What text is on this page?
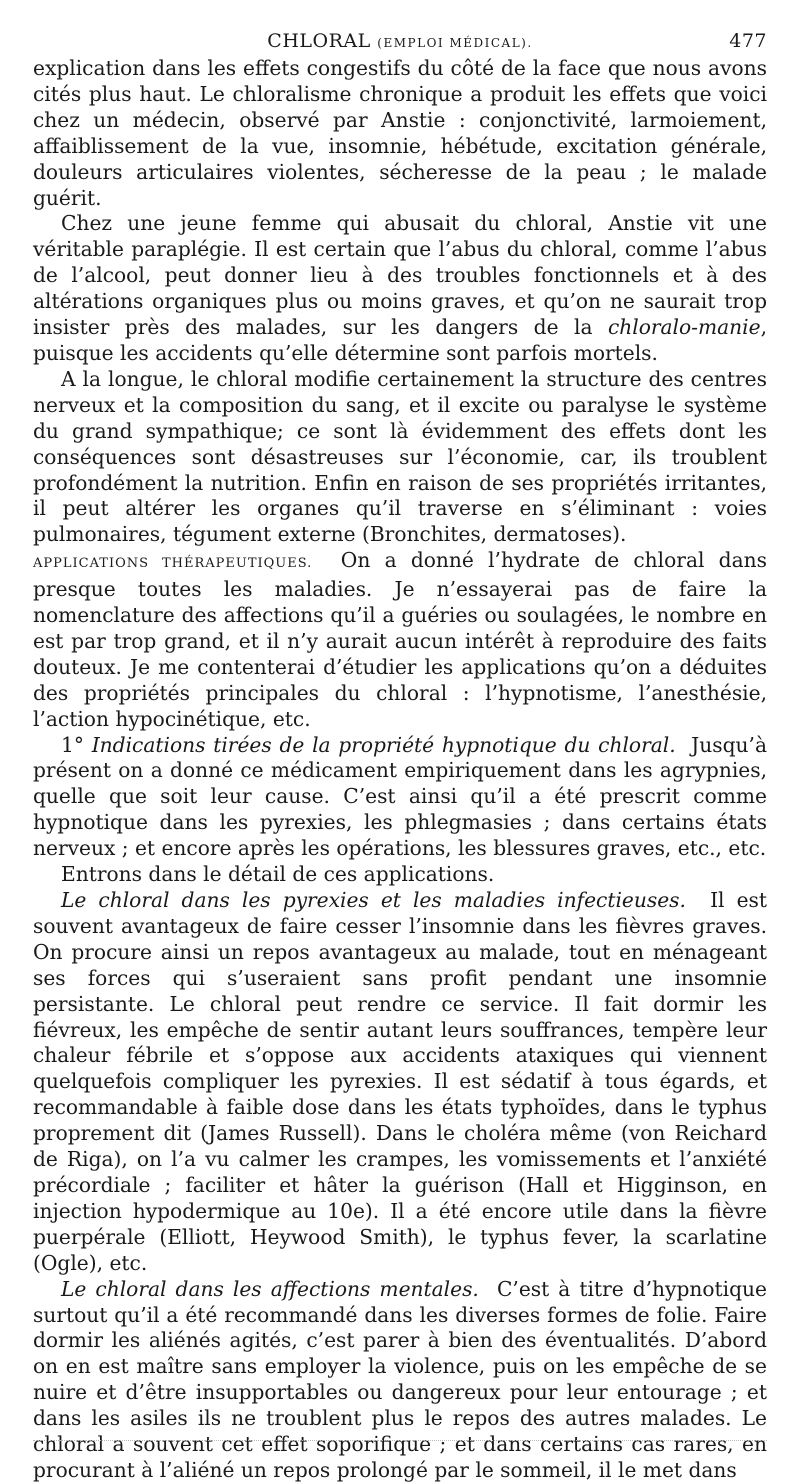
CHLORAL (EMPLOI MÉDICAL).	477

explication dans les effets congestifs du côté de la face que nous avons cités plus haut. Le chloralisme chronique a produit les effets que voici chez un médecin, observé par Anstie : conjonctivité, larmoiement, affaiblissement de la vue, insomnie, hébétude, excitation générale, douleurs articulaires violentes, sécheresse de la peau ; le malade guérit.

Chez une jeune femme qui abusait du chloral, Anstie vit une véritable paraplégie. Il est certain que l’abus du chloral, comme l’abus de l’alcool, peut donner lieu à des troubles fonctionnels et à des altérations organiques plus ou moins graves, et qu’on ne saurait trop insister près des malades, sur les dangers de la chloralo-manie, puisque les accidents qu’elle détermine sont parfois mortels.

A la longue, le chloral modifie certainement la structure des centres nerveux et la composition du sang, et il excite ou paralyse le système du grand sympathique; ce sont là évidemment des effets dont les conséquences sont désastreuses sur l’économie, car, ils troublent profondément la nutrition. Enfin en raison de ses propriétés irritantes, il peut altérer les organes qu’il traverse en s’éliminant : voies pulmonaires, tégument externe (Bronchites, dermatoses).

APPLICATIONS THÉRAPEUTIQUES. On a donné l’hydrate de chloral dans presque toutes les maladies. Je n’essayerai pas de faire la nomenclature des affections qu’il a guéries ou soulagées, le nombre en est par trop grand, et il n’y aurait aucun intérêt à reproduire des faits douteux. Je me contenterai d’étudier les applications qu’on a déduites des propriétés principales du chloral : l’hypnotisme, l’anesthésie, l’action hypocinétique, etc.

1° Indications tirées de la propriété hypnotique du chloral. Jusqu’à présent on a donné ce médicament empiriquement dans les agrypnies, quelle que soit leur cause. C’est ainsi qu’il a été prescrit comme hypnotique dans les pyrexies, les phlegmasies ; dans certains états nerveux ; et encore après les opérations, les blessures graves, etc., etc.

Entrons dans le détail de ces applications.

Le chloral dans les pyrexies et les maladies infectieuses. Il est souvent avantageux de faire cesser l’insomnie dans les fièvres graves. On procure ainsi un repos avantageux au malade, tout en ménageant ses forces qui s’useraient sans profit pendant une insomnie persistante. Le chloral peut rendre ce service. Il fait dormir les fiévreux, les empêche de sentir autant leurs souffrances, tempère leur chaleur fébrile et s’oppose aux accidents ataxiques qui viennent quelquefois compliquer les pyrexies. Il est sédatif à tous égards, et recommandable à faible dose dans les états typhoïdes, dans le typhus proprement dit (James Russell). Dans le choléra même (von Reichard de Riga), on l’a vu calmer les crampes, les vomissements et l’anxiété précordiale ; faciliter et hâter la guérison (Hall et Higginson, en injection hypodermique au 10e). Il a été encore utile dans la fièvre puerpérale (Elliott, Heywood Smith), le typhus fever, la scarlatine (Ogle), etc.

Le chloral dans les affections mentales. C’est à titre d’hypnotique surtout qu’il a été recommandé dans les diverses formes de folie. Faire dormir les aliénés agités, c’est parer à bien des éventualités. D’abord on en est maître sans employer la violence, puis on les empêche de se nuire et d’être insupportables ou dangereux pour leur entourage ; et dans les asiles ils ne troublent plus le repos des autres malades. Le chloral a souvent cet effet soporifique ; et dans certains cas rares, en procurant à l’aliéné un repos prolongé par le sommeil, il le met dans
